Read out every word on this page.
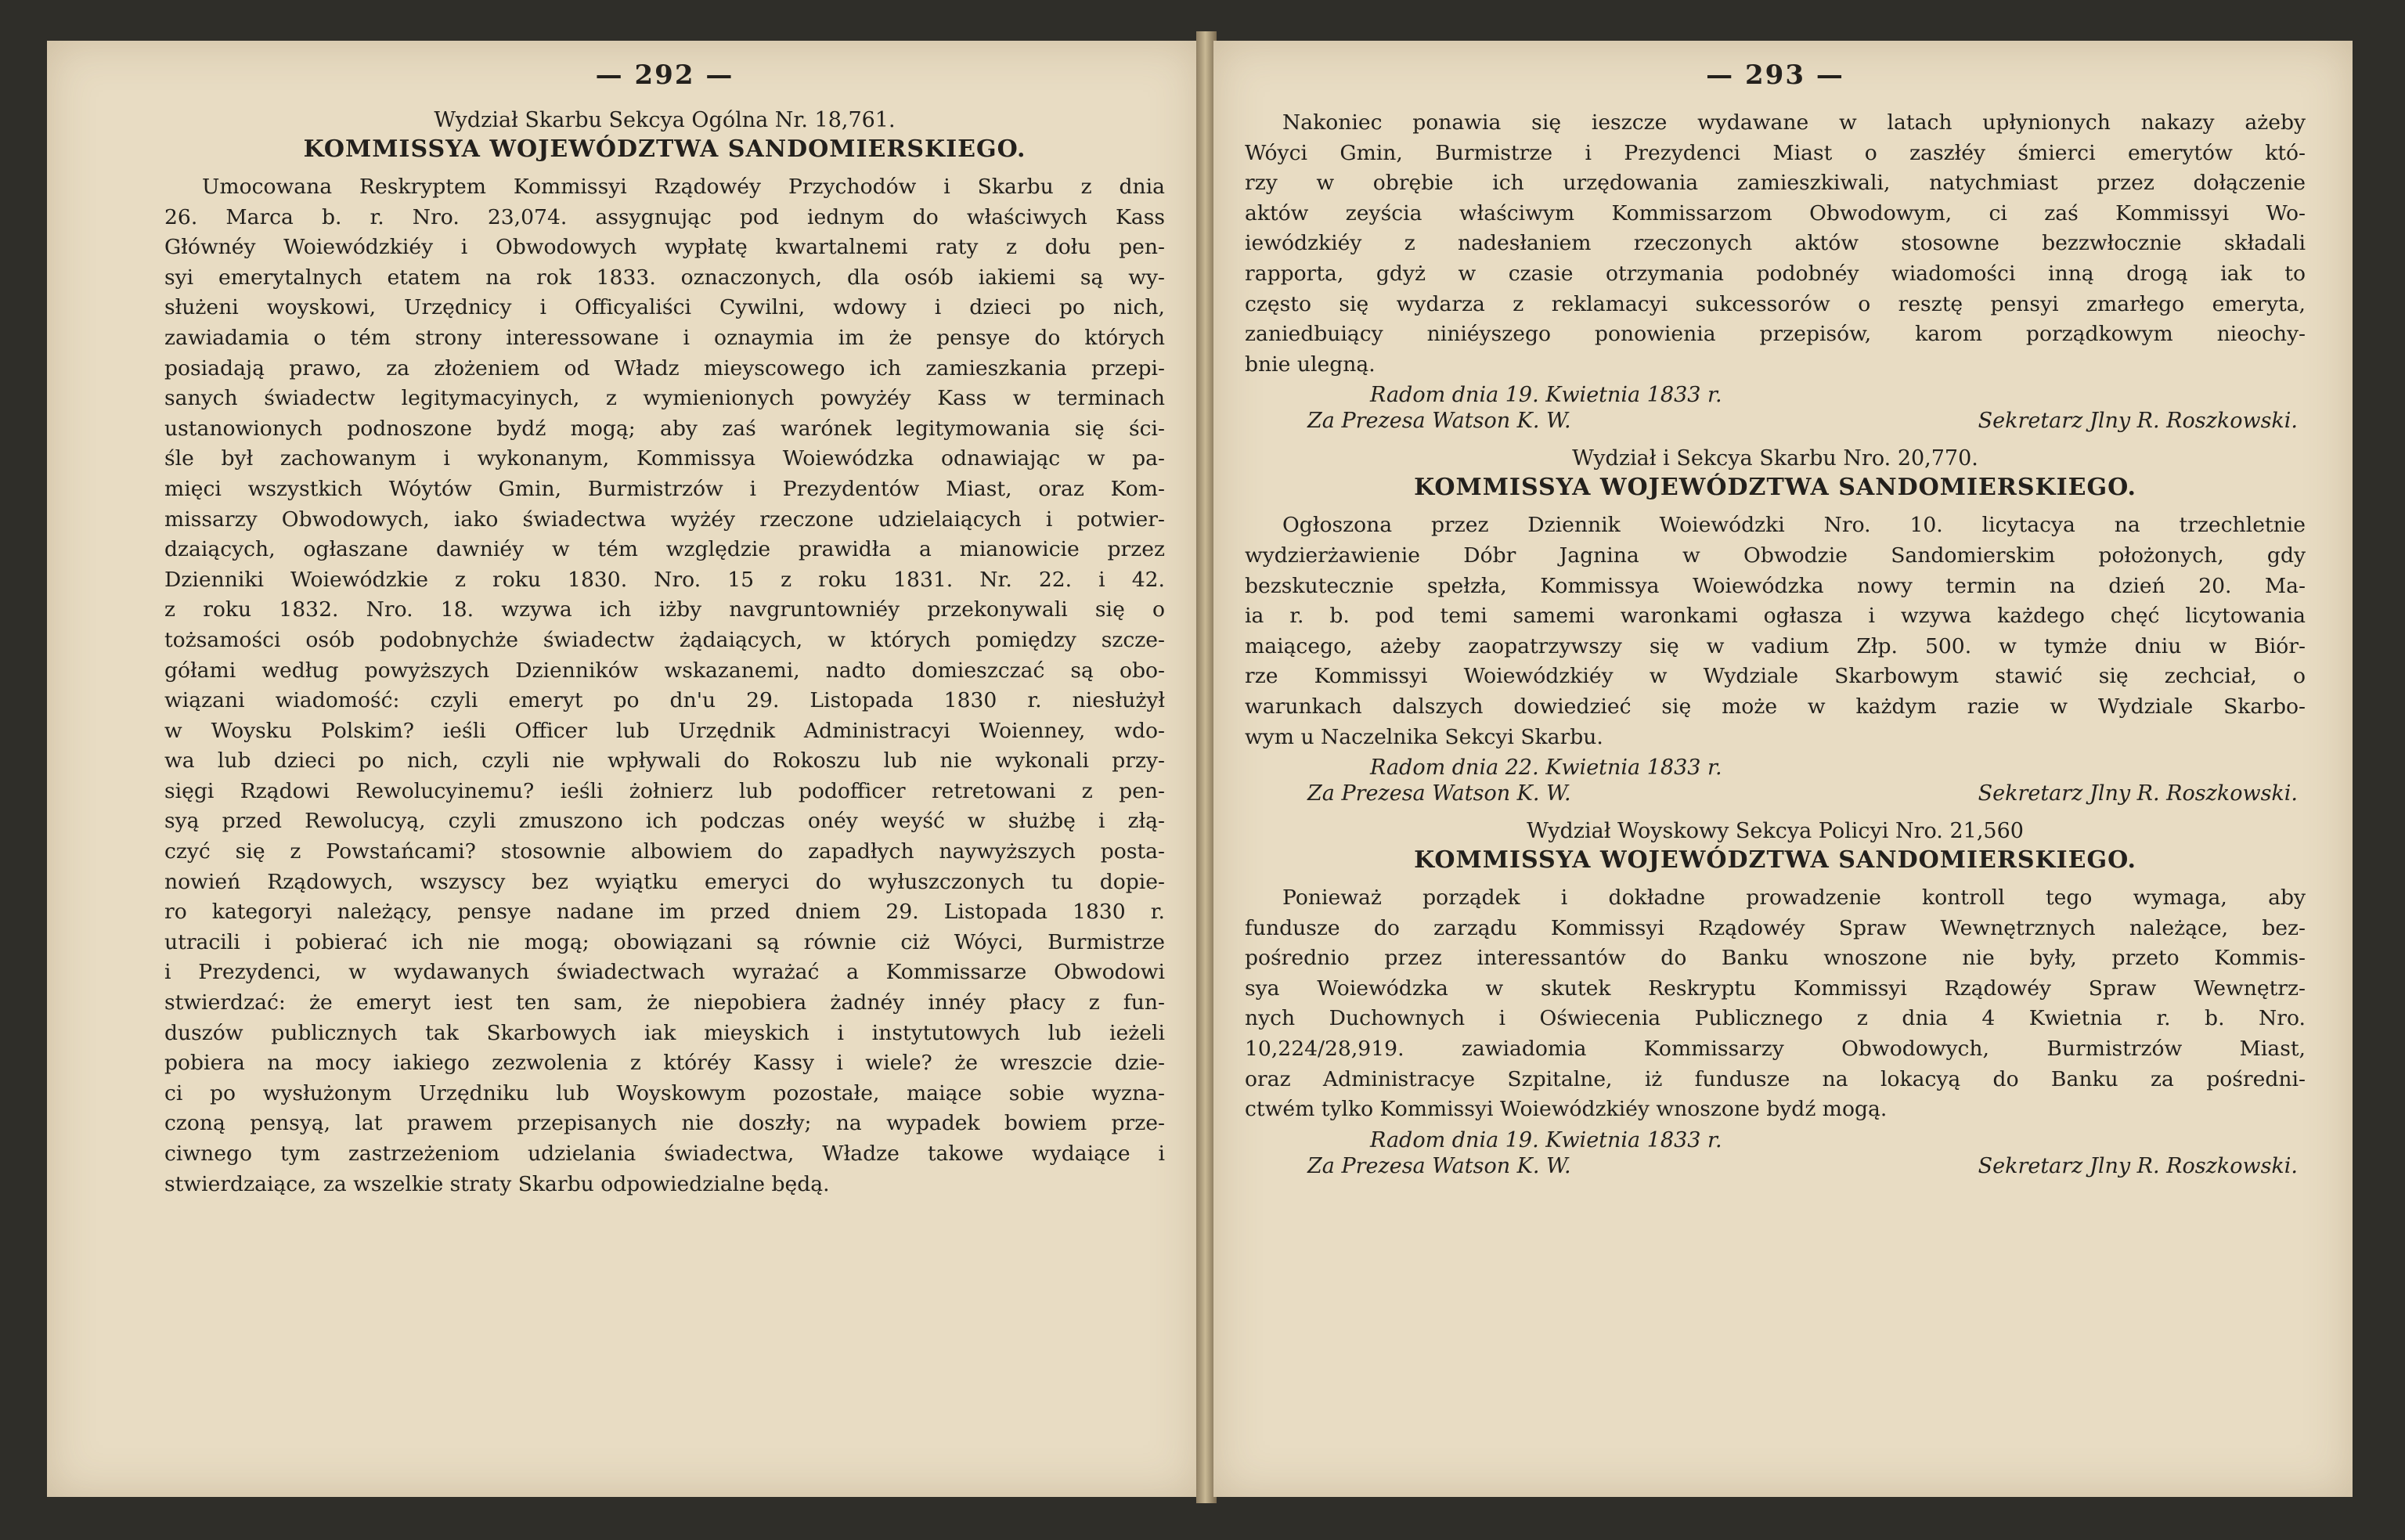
— 292 —
Wydział Skarbu Sekcya Ogólna Nr. 18,761.
KOMMISSYA WOJEWÓDZTWA SANDOMIERSKIEGO.
Umocowana Reskryptem Kommissyi Rządowéy Przychodów i Skarbu z dnia
26. Marca b. r. Nro. 23,074. assygnując pod iednym do właściwych Kass
Głównéy Woiewódzkiéy i Obwodowych wypłatę kwartalnemi raty z dołu pen-
syi emerytalnych etatem na rok 1833. oznaczonych, dla osób iakiemi są wy-
służeni woyskowi, Urzędnicy i Officyaliści Cywilni, wdowy i dzieci po nich,
zawiadamia o tém strony interessowane i oznaymia im że pensye do których
posiadają prawo, za złożeniem od Władz mieyscowego ich zamieszkania przepi-
sanych świadectw legitymacyinych, z wymienionych powyżéy Kass w terminach
ustanowionych podnoszone bydź mogą; aby zaś warónek legitymowania się ści-
śle był zachowanym i wykonanym, Kommissya Woiewódzka odnawiając w pa-
mięci wszystkich Wóytów Gmin, Burmistrzów i Prezydentów Miast, oraz Kom-
missarzy Obwodowych, iako świadectwa wyżéy rzeczone udzielaiących i potwier-
dzaiących, ogłaszane dawniéy w tém względzie prawidła a mianowicie przez
Dzienniki Woiewódzkie z roku 1830. Nro. 15 z roku 1831. Nr. 22. i 42.
z roku 1832. Nro. 18. wzywa ich iżby navgruntowniéy przekonywali się o
tożsamości osób podobnychże świadectw żądaiących, w których pomiędzy szcze-
gółami według powyższych Dzienników wskazanemi, nadto domieszczać są obo-
wiązani wiadomość: czyli emeryt po dn'u 29. Listopada 1830 r. niesłużył
w Woysku Polskim? ieśli Officer lub Urzędnik Administracyi Woienney, wdo-
wa lub dzieci po nich, czyli nie wpływali do Rokoszu lub nie wykonali przy-
sięgi Rządowi Rewolucyinemu? ieśli żołnierz lub podofficer retretowani z pen-
syą przed Rewolucyą, czyli zmuszono ich podczas onéy weyść w służbę i złą-
czyć się z Powstańcami? stosownie albowiem do zapadłych naywyższych posta-
nowień Rządowych, wszyscy bez wyiątku emeryci do wyłuszczonych tu dopie-
ro kategoryi należący, pensye nadane im przed dniem 29. Listopada 1830 r.
utracili i pobierać ich nie mogą; obowiązani są równie ciż Wóyci, Burmistrze
i Prezydenci, w wydawanych świadectwach wyrażać a Kommissarze Obwodowi
stwierdzać: że emeryt iest ten sam, że niepobiera żadnéy innéy płacy z fun-
duszów publicznych tak Skarbowych iak mieyskich i instytutowych lub ieżeli
pobiera na mocy iakiego zezwolenia z któréy Kassy i wiele? że wreszcie dzie-
ci po wysłużonym Urzędniku lub Woyskowym pozostałe, maiące sobie wyzna-
czoną pensyą, lat prawem przepisanych nie doszły; na wypadek bowiem prze-
ciwnego tym zastrzeżeniom udzielania świadectwa, Władze takowe wydaiące i
stwierdzaiące, za wszelkie straty Skarbu odpowiedzialne będą.
— 293 —
Nakoniec ponawia się ieszcze wydawane w latach upłynionych nakazy ażeby
Wóyci Gmin, Burmistrze i Prezydenci Miast o zaszłéy śmierci emerytów któ-
rzy w obrębie ich urzędowania zamieszkiwali, natychmiast przez dołączenie
aktów zeyścia właściwym Kommissarzom Obwodowym, ci zaś Kommissyi Wo-
iewódzkiéy z nadesłaniem rzeczonych aktów stosowne bezzwłocznie składali
rapporta, gdyż w czasie otrzymania podobnéy wiadomości inną drogą iak to
często się wydarza z reklamacyi sukcessorów o resztę pensyi zmarłego emeryta,
zaniedbuiący niniéyszego ponowienia przepisów, karom porządkowym nieochy-
bnie ulegną.
Radom dnia 19. Kwietnia 1833 r.
Za Prezesa Watson K. W.	Sekretarz Jlny R. Roszkowski.
Wydział i Sekcya Skarbu Nro. 20,770.
KOMMISSYA WOJEWÓDZTWA SANDOMIERSKIEGO.
Ogłoszona przez Dziennik Woiewódzki Nro. 10. licytacya na trzechletnie
wydzierżawienie Dóbr Jagnina w Obwodzie Sandomierskim położonych, gdy
bezskutecznie spełzła, Kommissya Woiewódzka nowy termin na dzień 20. Ma-
ia r. b. pod temi samemi waronkami ogłasza i wzywa każdego chęć licytowania
maiącego, ażeby zaopatrzywszy się w vadium Złp. 500. w tymże dniu w Biór-
rze Kommissyi Woiewódzkiéy w Wydziale Skarbowym stawić się zechciał, o
warunkach dalszych dowiedzieć się może w każdym razie w Wydziale Skarbo-
wym u Naczelnika Sekcyi Skarbu.
Radom dnia 22. Kwietnia 1833 r.
Za Prezesa Watson K. W.	Sekretarz Jlny R. Roszkowski.
Wydział Woyskowy Sekcya Policyi Nro. 21,560
KOMMISSYA WOJEWÓDZTWA SANDOMIERSKIEGO.
Ponieważ porządek i dokładne prowadzenie kontroll tego wymaga, aby
fundusze do zarządu Kommissyi Rządowéy Spraw Wewnętrznych należące, bez-
pośrednio przez interessantów do Banku wnoszone nie były, przeto Kommis-
sya Woiewódzka w skutek Reskryptu Kommissyi Rządowéy Spraw Wewnętrz-
nych Duchownych i Oświecenia Publicznego z dnia 4 Kwietnia r. b. Nro.
10,224/28,919. zawiadomia Kommissarzy Obwodowych, Burmistrzów Miast,
oraz Administracye Szpitalne, iż fundusze na lokacyą do Banku za pośredni-
ctwém tylko Kommissyi Woiewódzkiéy wnoszone bydź mogą.
Radom dnia 19. Kwietnia 1833 r.
Za Prezesa Watson K. W.	Sekretarz Jlny R. Roszkowski.
